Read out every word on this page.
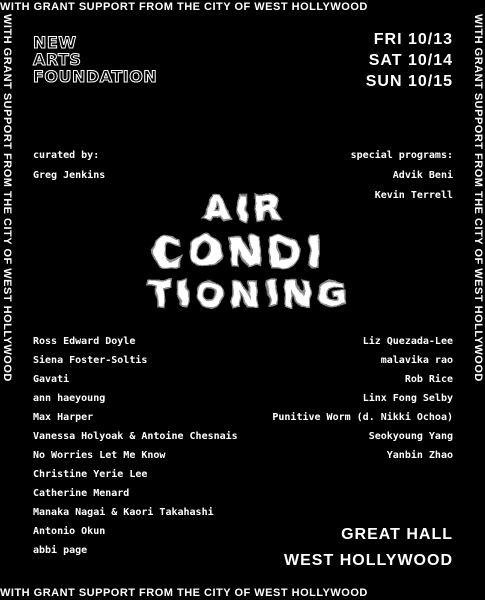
WITH GRANT SUPPORT FROM THE CITY OF WEST HOLLYWOOD
WITH GRANT SUPPORT FROM THE CITY OF WEST HOLLYWOOD
WITH GRANT SUPPORT FROM THE CITY OF WEST HOLLYWOOD	WITH GRANT SUPPORT FROM THE CITY OF WEST HOLLYWOOD
NEW
ARTS
FOUNDATION
FRI 10/13
SAT 10/14
SUN 10/15
curated by:
Greg Jenkins
special programs:
Advik Beni
Kevin Terrell
AIR
CONDI
TIONING
Ross Edward Doyle
Siena Foster-Soltis
Gavati
ann haeyoung
Max Harper
Vanessa Holyoak & Antoine Chesnais
No Worries Let Me Know
Christine Yerie Lee
Catherine Menard
Manaka Nagai & Kaori Takahashi
Antonio Okun
abbi page
Liz Quezada-Lee
malavika rao
Rob Rice
Linx Fong Selby
Punitive Worm (d. Nikki Ochoa)
Seokyoung Yang
Yanbin Zhao
GREAT HALL
WEST HOLLYWOOD
